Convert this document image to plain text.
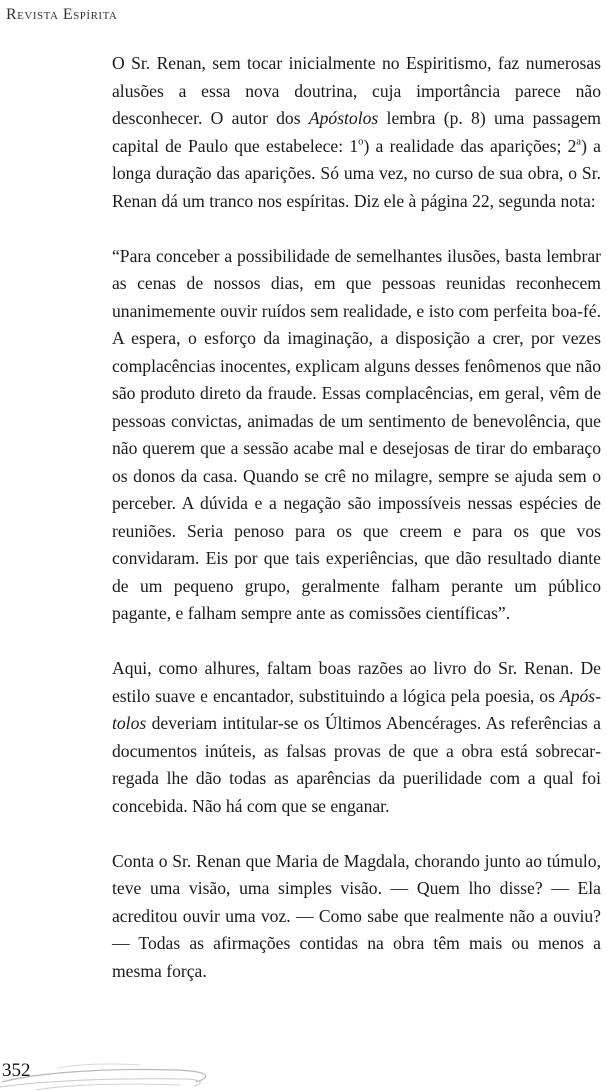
Revista Espírita

O Sr. Renan, sem tocar inicialmente no Espiritismo, faz numerosas alusões a essa nova doutrina, cuja importância parece não desconhecer. O autor dos Apóstolos lembra (p. 8) uma passagem capital de Paulo que estabelece: 1$^o$) a realidade das aparições; 2$^a$) a longa duração das aparições. Só uma vez, no curso de sua obra, o Sr. Renan dá um tranco nos espíritas. Diz ele à página 22, segunda nota:

“Para conceber a possibilidade de semelhantes ilusões, basta lembrar as cenas de nossos dias, em que pessoas reunidas reconhecem unanimemente ouvir ruídos sem realidade, e isto com perfeita boa-fé. A espera, o esforço da imaginação, a disposição a crer, por vezes complacências inocentes, explicam alguns desses fenômenos que não são produto direto da fraude. Essas complacências, em geral, vêm de pessoas convictas, animadas de um sentimento de benevolência, que não querem que a sessão acabe mal e desejosas de tirar do embaraço os donos da casa. Quando se crê no milagre, sempre se ajuda sem o perceber. A dúvida e a negação são impossíveis nessas espécies de reuniões. Seria penoso para os que creem e para os que vos convidaram. Eis por que tais experiências, que dão resultado diante de um pequeno grupo, geralmente falham perante um público pagante, e falham sempre ante as comissões científicas”.

Aqui, como alhures, faltam boas razões ao livro do Sr. Renan. De estilo suave e encantador, substituindo a lógica pela poesia, os Apóstolos deveriam intitular-se os Últimos Abencérages. As referências a documentos inúteis, as falsas provas de que a obra está sobrecarregada lhe dão todas as aparências da puerilidade com a qual foi concebida. Não há com que se enganar.

Conta o Sr. Renan que Maria de Magdala, chorando junto ao túmulo, teve uma visão, uma simples visão. — Quem lho disse? — Ela acreditou ouvir uma voz. — Como sabe que realmente não a ouviu? — Todas as afirmações contidas na obra têm mais ou menos a mesma força.

352
